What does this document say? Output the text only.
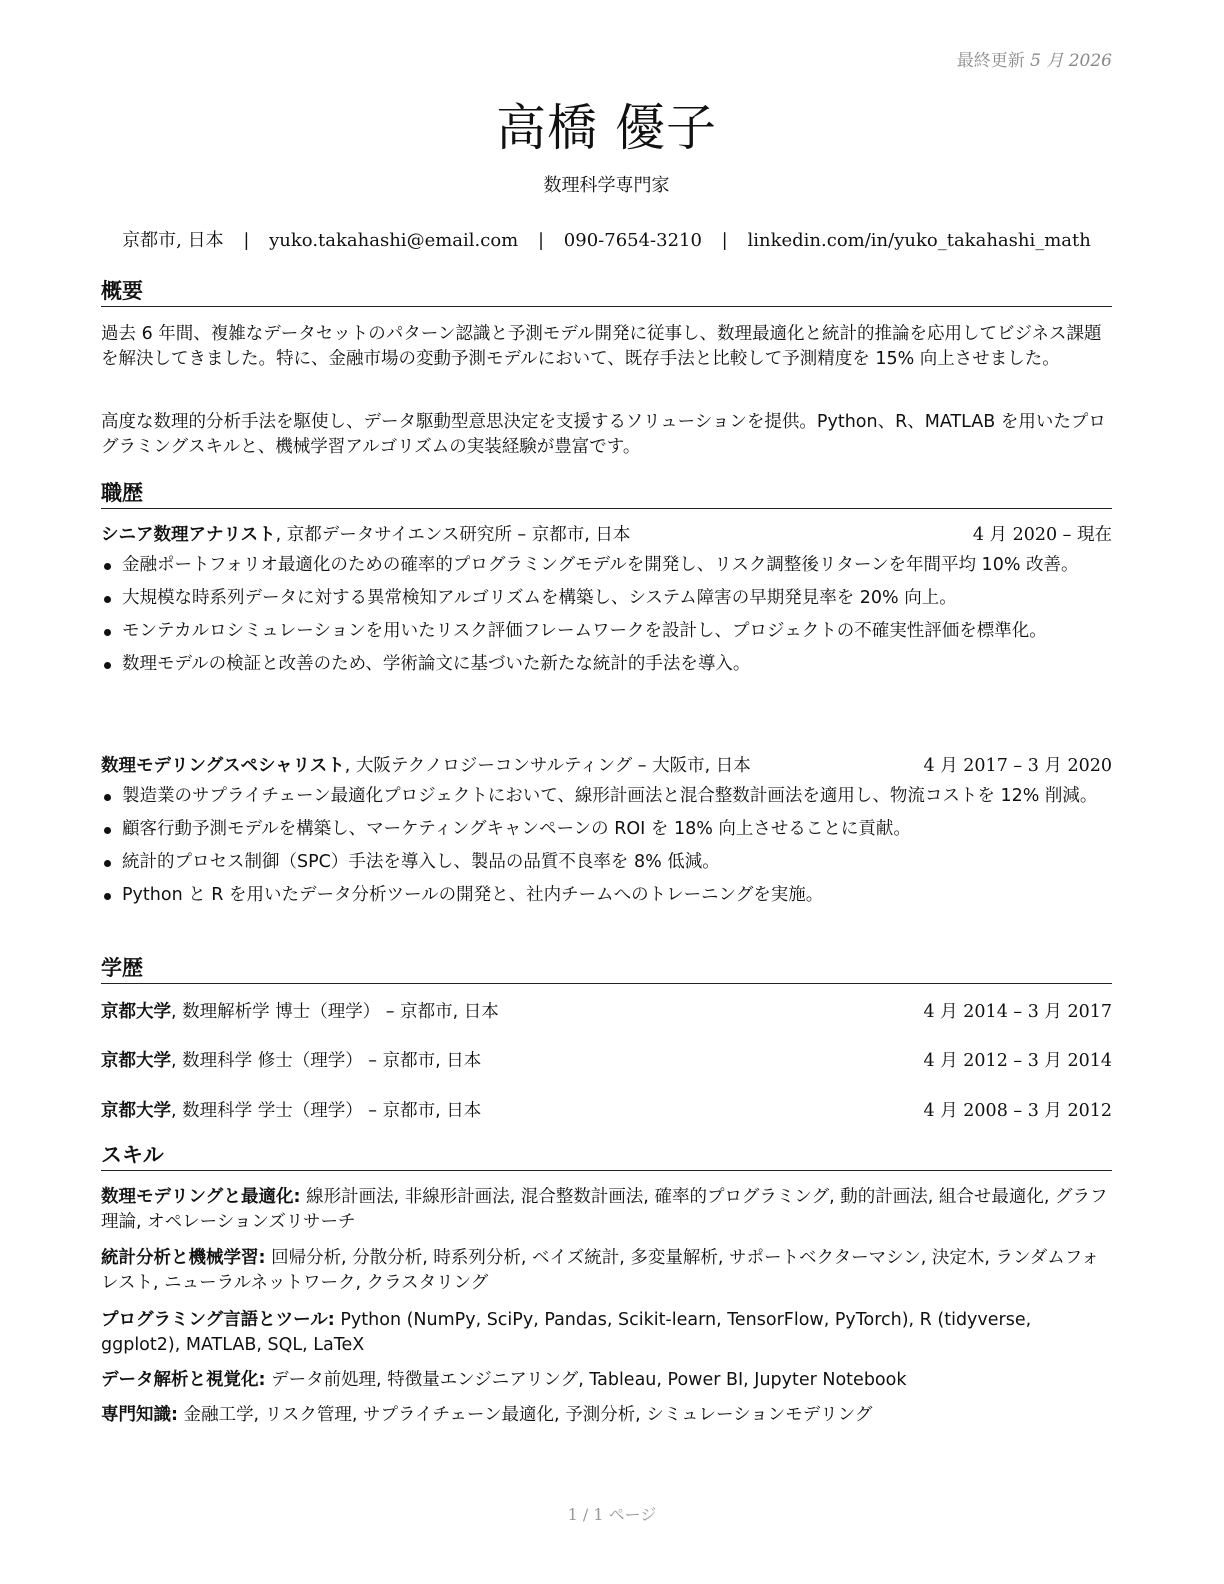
最終更新 5 月 2026
高橋 優子
数理科学専門家
京都市, 日本 | yuko.takahashi@email.com | 090-7654-3210 | linkedin.com/in/yuko_takahashi_math
概要
過去 6 年間、複雑なデータセットのパターン認識と予測モデル開発に従事し、数理最適化と統計的推論を応用してビジネス課題を解決してきました。特に、金融市場の変動予測モデルにおいて、既存手法と比較して予測精度を 15% 向上させました。
高度な数理的分析手法を駆使し、データ駆動型意思決定を支援するソリューションを提供。Python、R、MATLAB を用いたプログラミングスキルと、機械学習アルゴリズムの実装経験が豊富です。
職歴
シニア数理アナリスト, 京都データサイエンス研究所 – 京都市, 日本	4 月 2020 – 現在
金融ポートフォリオ最適化のための確率的プログラミングモデルを開発し、リスク調整後リターンを年間平均 10% 改善。
大規模な時系列データに対する異常検知アルゴリズムを構築し、システム障害の早期発見率を 20% 向上。
モンテカルロシミュレーションを用いたリスク評価フレームワークを設計し、プロジェクトの不確実性評価を標準化。
数理モデルの検証と改善のため、学術論文に基づいた新たな統計的手法を導入。
数理モデリングスペシャリスト, 大阪テクノロジーコンサルティング – 大阪市, 日本	4 月 2017 – 3 月 2020
製造業のサプライチェーン最適化プロジェクトにおいて、線形計画法と混合整数計画法を適用し、物流コストを 12% 削減。
顧客行動予測モデルを構築し、マーケティングキャンペーンの ROI を 18% 向上させることに貢献。
統計的プロセス制御（SPC）手法を導入し、製品の品質不良率を 8% 低減。
Python と R を用いたデータ分析ツールの開発と、社内チームへのトレーニングを実施。
学歴
京都大学, 数理解析学 博士（理学） – 京都市, 日本	4 月 2014 – 3 月 2017
京都大学, 数理科学 修士（理学） – 京都市, 日本	4 月 2012 – 3 月 2014
京都大学, 数理科学 学士（理学） – 京都市, 日本	4 月 2008 – 3 月 2012
スキル
数理モデリングと最適化: 線形計画法, 非線形計画法, 混合整数計画法, 確率的プログラミング, 動的計画法, 組合せ最適化, グラフ理論, オペレーションズリサーチ
統計分析と機械学習: 回帰分析, 分散分析, 時系列分析, ベイズ統計, 多変量解析, サポートベクターマシン, 決定木, ランダムフォレスト, ニューラルネットワーク, クラスタリング
プログラミング言語とツール: Python (NumPy, SciPy, Pandas, Scikit-learn, TensorFlow, PyTorch), R (tidyverse, ggplot2), MATLAB, SQL, LaTeX
データ解析と視覚化: データ前処理, 特徴量エンジニアリング, Tableau, Power BI, Jupyter Notebook
専門知識: 金融工学, リスク管理, サプライチェーン最適化, 予測分析, シミュレーションモデリング
1 / 1 ページ
